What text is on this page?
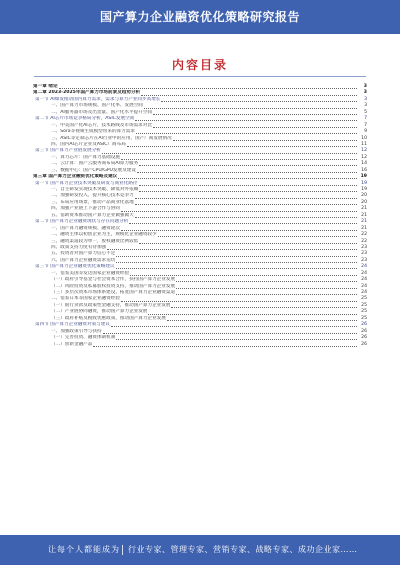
国产算力企业融资优化策略研究报告
内容目录
第一章 绪论	3
第二章 2023-2025年国产算力市场前景及趋势分析	3
第一节 AI爆发推动国内算力需求，需求与算力产业同步高增长	3
一、国产算力市场规模、国产化率、发展空间	3
二、AI服务器市场及出货量、国产化水平提升空间	5
第二节 AI芯片市场竞争格局分析，ASIC发展空间	7
一、中美国产化AI芯片，技术路线及市场需求对比	7
二、Sora等视频生成模型带来的算力需求	9
三、ASIC等定制芯片在AI行业中的应用、国产厂商发展情况	10
四、国内AI芯片企业及ASIC厂商布局	11
第三节 国产算力产业链发展分析	12
一、算力芯片：国产算力基础设施	12
二、云计算：国产云服务商布局AI算力服务	14
三、数据中心：国产CPU/GPU发展及建设	16
第三章 国产算力企业融资优化策略及建议	19
第一节 国产算力企业技术突破及研发与商业化路径	19
一、自主研发实现技术突破、降低对外依赖	19
二、加强研发投入，提升核心技术竞争力	20
三、布局应用场景，推动产品商业化落地	20
四、加强产业链上下游合作与协同	21
五、借助资本推动国产算力企业做强做大	21
第二节 国产算力企业融资现状与存在问题分析	21
一、国产算力融资规模、融资轮次	21
二、融资主体以初创企业为主，规模化企业融资较少	22
三、融资渠道较为单一，股权融资比例较低	22
四、政策支持力度有待加强	23
五、投资者对国产算力信心不足	23
六、国产算力企业融资需求迫切	23
第三节 国产算力企业融资优化策略建议	24
一、借鉴美国等发达国家企业融资经验	24
（一）政府引导基金与社会资本合作，扶持国产算力企业发展	24
（二）风险投资及私募股权投资支持，推动国产算力企业发展	24
（三）多层次资本市场体系建设，拓宽国产算力企业融资渠道	24
二、借鉴日本等国家企业融资经验	25
（一）银行贷款及政策性金融支持，推动国产算力企业发展	25
（二）产业链协同融资，推动国产算力企业发展	25
（三）政府补贴及税收优惠政策，推动国产算力企业发展	25
第四节 国产算力企业融资对策与建议	26
一、加强政策引导与扶持	26
（一）完善投资、融资体制机制	26
（二）创新金融产品	26
让每个人都能成为 行业专家、管理专家、营销专家、战略专家、成功企业家……
